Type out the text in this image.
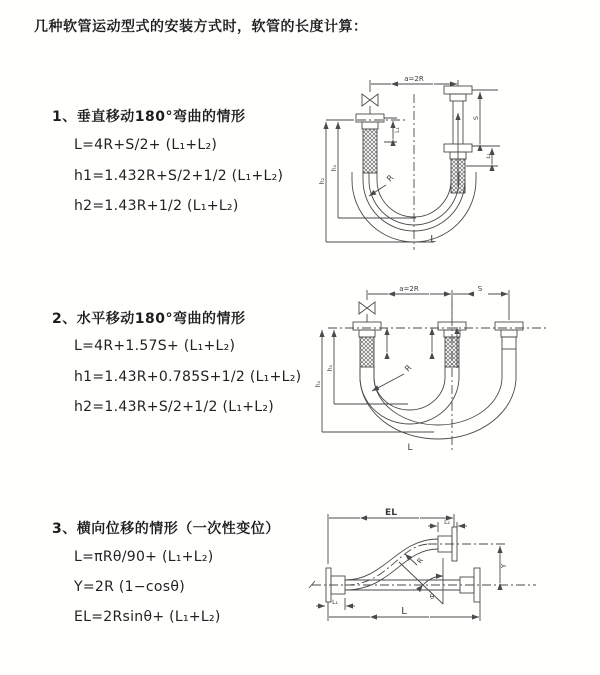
几种软管运动型式的安装方式时，软管的长度计算：
1、垂直移动180°弯曲的情形
L=4R+S/2+ (L₁+L₂)
h1=1.432R+S/2+1/2 (L₁+L₂)
h2=1.43R+1/2 (L₁+L₂)
2、水平移动180°弯曲的情形
L=4R+1.57S+ (L₁+L₂)
h1=1.43R+0.785S+1/2 (L₁+L₂)
h2=1.43R+S/2+1/2 (L₁+L₂)
3、横向位移的情形（一次性变位）
L=πRθ/90+ (L₁+L₂)
Y=2R (1−cosθ)
EL=2Rsinθ+ (L₁+L₂)
a=2R
L₁
S
L₂
h₁
h₂	R
L
a=2R	S
h₁
h₂
R
L
EL
L₂
Y
R
θ
L
L₁
